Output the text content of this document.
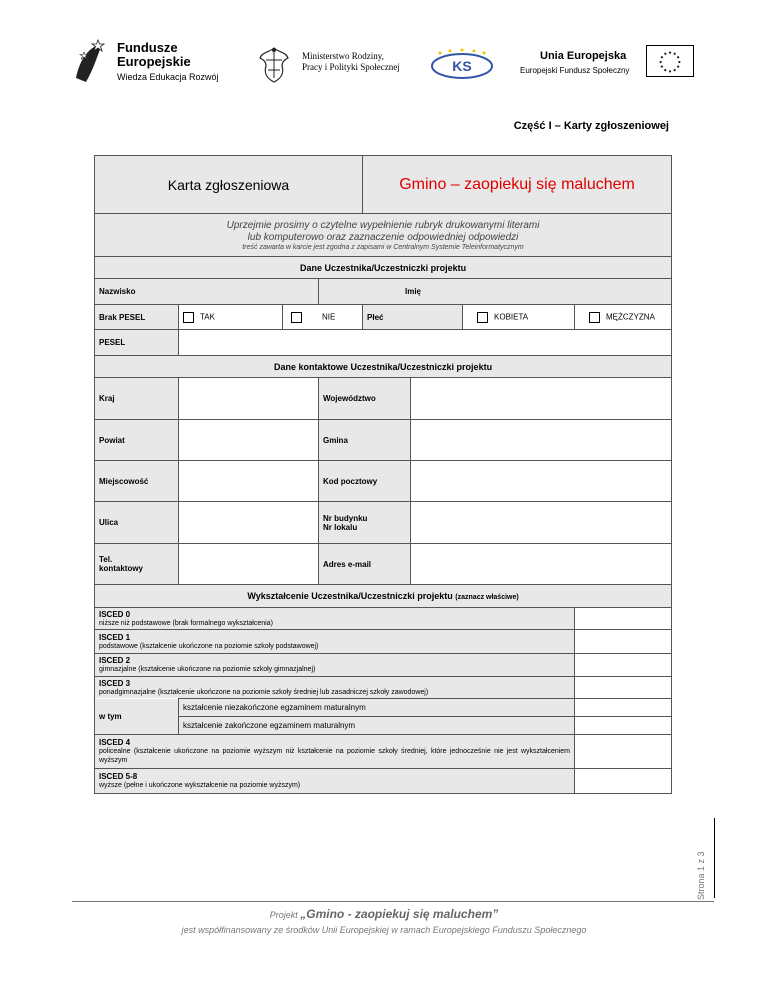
Fundusze
Europejskie
Wiedza Edukacja Rozwój
Ministerstwo Rodziny,
Pracy i Polityki Społecznej	KS
Unia Europejska
Europejski Fundusz Społeczny
Część I – Karty zgłoszeniowej
Karta zgłoszeniowa				Gmino – zaopiekuj się maluchem			

Uprzejmie prosimy o czytelne wypełnienie rubryk drukowanymi literami
lub komputerowo oraz zaznaczenie odpowiedniej odpowiedzi
treść zawarta w karcie jest zgodna z zapisami w Centralnym Systemie Teleinformatycznym							

Dane Uczestnika/Uczestniczki projektu							
Nazwisko			Imię				
Brak PESEL	TAK	NIE		Płeć		KOBIETA	MĘŻCZYZNA
PESEL							
Dane kontaktowe Uczestnika/Uczestniczki projektu							
Kraj			Województwo				
Powiat			Gmina				
Miejscowość			Kod pocztowy				
Ulica			Nr budynku
Nr lokalu				

Tel.
kontaktowy			Adres e-mail				
Wykształcenie Uczestnika/Uczestniczki projektu (zaznacz właściwe)							

ISCED 0
niższe niż podstawowe (brak formalnego wykształcenia)							

ISCED 1
podstawowe (kształcenie ukończone na poziomie szkoły podstawowej)							

ISCED 2
gimnazjalne (kształcenie ukończone na poziomie szkoły gimnazjalnej)							

ISCED 3
ponadgimnazjalne (kształcenie ukończone na poziomie szkoły średniej lub zasadniczej szkoły zawodowej)							

w tym	kształcenie niezakończone egzaminem maturalnym						
	kształcenie zakończone egzaminem maturalnym						

ISCED 4
policealne (kształcenie ukończone na poziomie wyższym niż kształcenie na poziomie szkoły średniej, które jednocześnie nie jest wykształceniem wyższym							

ISCED 5-8
wyższe (pełne i ukończone wykształcenie na poziomie wyższym)							

Strona 1 z 3
Projekt „Gmino - zaopiekuj się maluchem”
jest współfinansowany ze środków Unii Europejskiej w ramach Europejskiego Funduszu Społecznego
